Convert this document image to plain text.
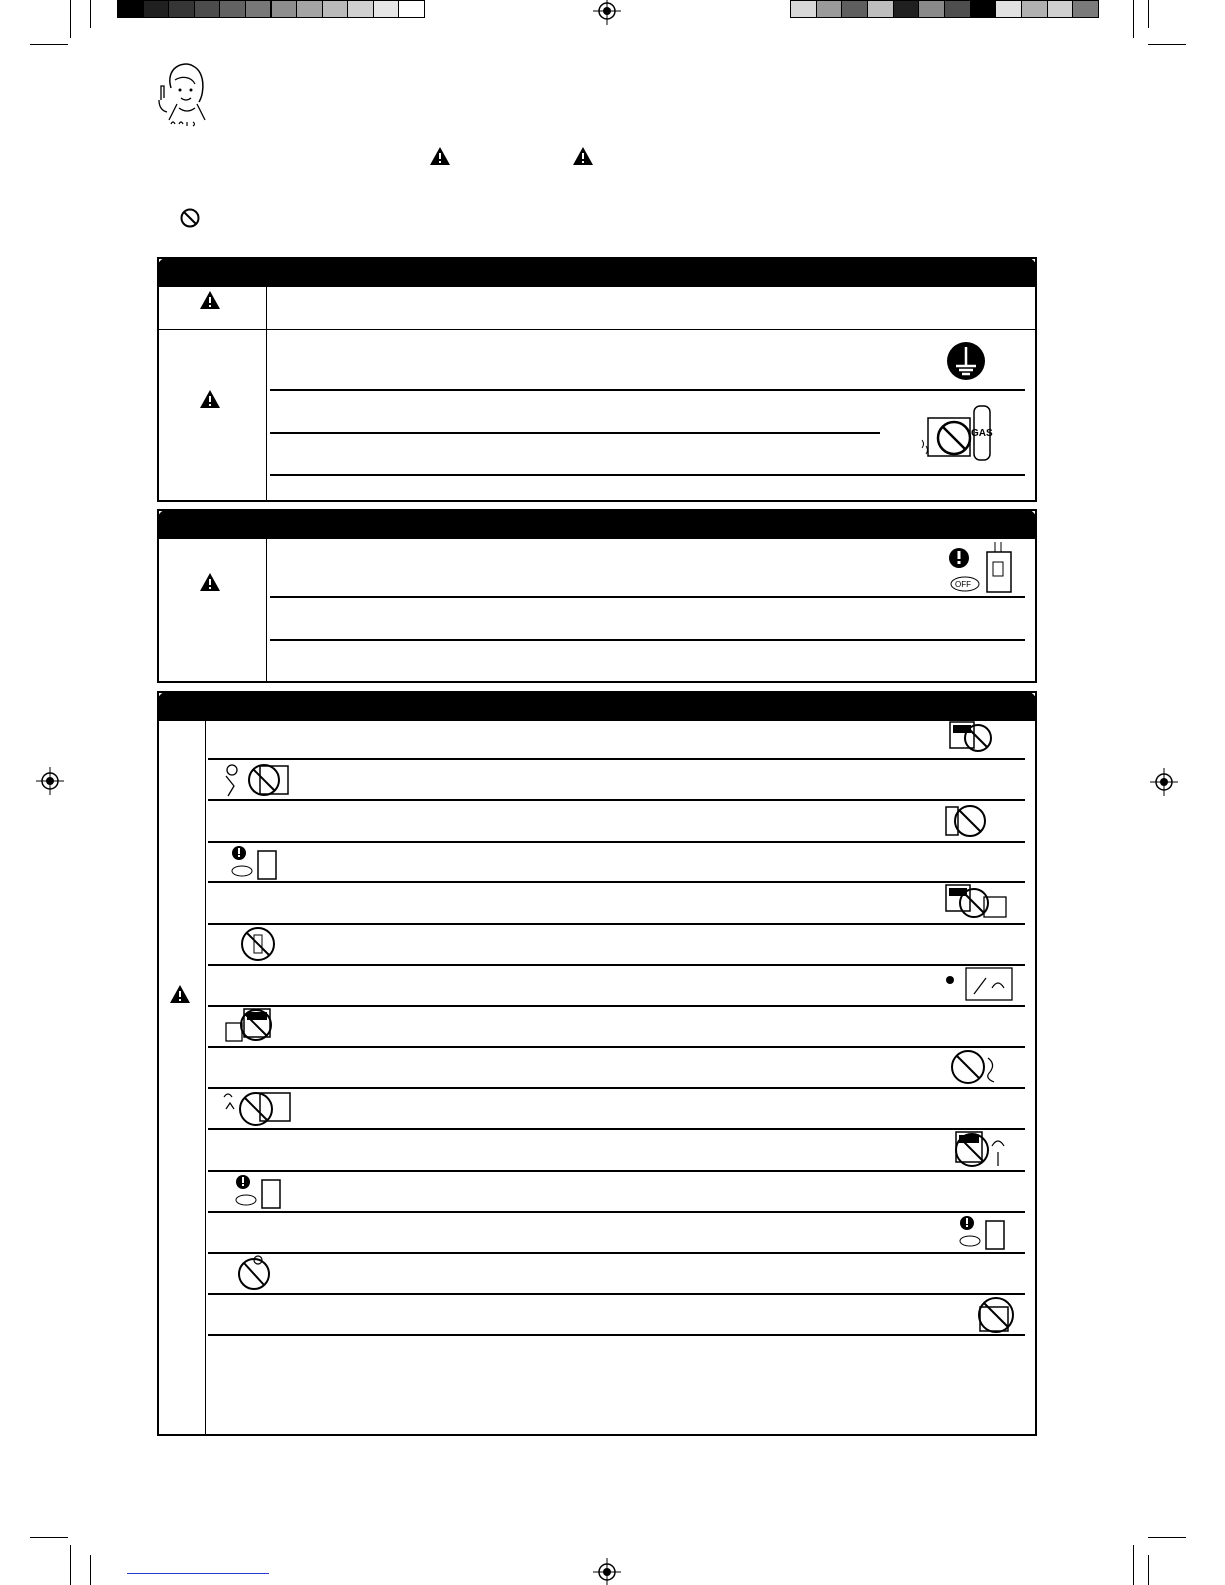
GAS
OFF
